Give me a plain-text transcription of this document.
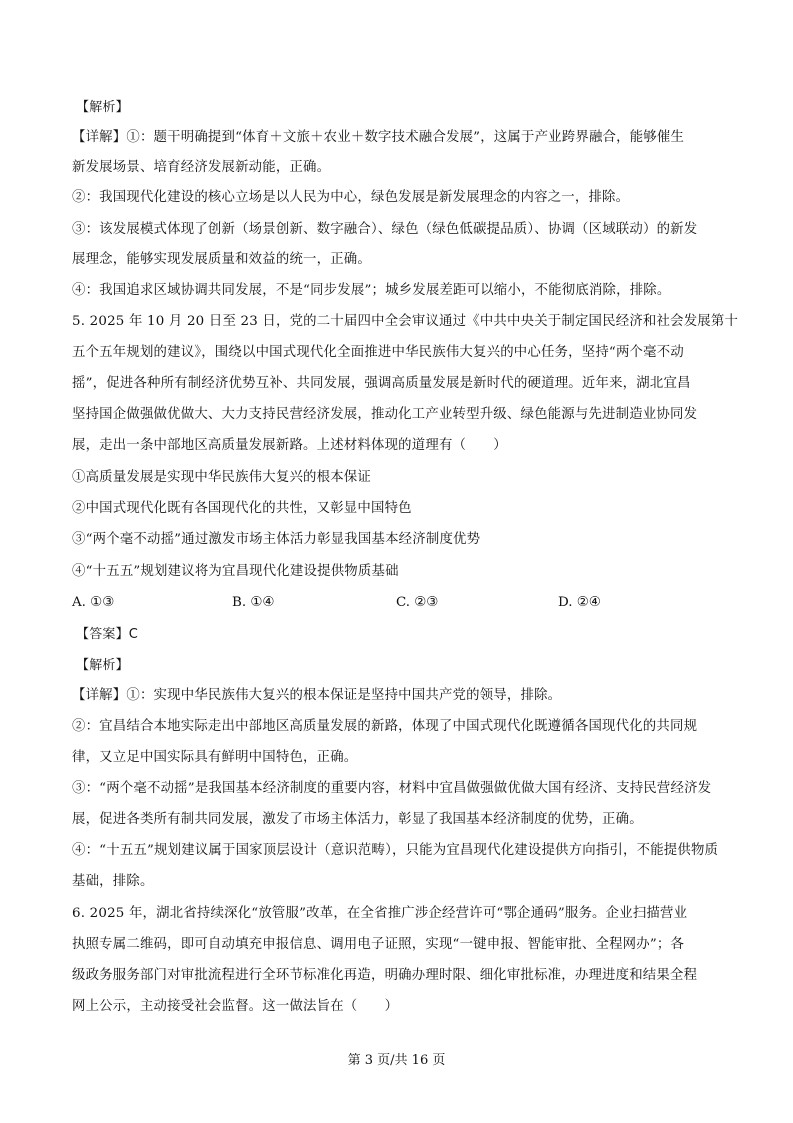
【解析】
【详解】①：题干明确提到“体育＋文旅＋农业＋数字技术融合发展”，这属于产业跨界融合，能够催生
新发展场景、培育经济发展新动能，正确。
②：我国现代化建设的核心立场是以人民为中心，绿色发展是新发展理念的内容之一，排除。
③：该发展模式体现了创新（场景创新、数字融合）、绿色（绿色低碳提品质）、协调（区域联动）的新发
展理念，能够实现发展质量和效益的统一，正确。
④：我国追求区域协调共同发展，不是“同步发展”；城乡发展差距可以缩小，不能彻底消除，排除。
5. 2025 年 10 月 20 日至 23 日，党的二十届四中全会审议通过《中共中央关于制定国民经济和社会发展第十
五个五年规划的建议》，围绕以中国式现代化全面推进中华民族伟大复兴的中心任务，坚持“两个毫不动
摇”，促进各种所有制经济优势互补、共同发展，强调高质量发展是新时代的硬道理。近年来，湖北宜昌
坚持国企做强做优做大、大力支持民营经济发展，推动化工产业转型升级、绿色能源与先进制造业协同发
展，走出一条中部地区高质量发展新路。上述材料体现的道理有（　　）
①高质量发展是实现中华民族伟大复兴的根本保证
②中国式现代化既有各国现代化的共性，又彰显中国特色
③“两个毫不动摇”通过激发市场主体活力彰显我国基本经济制度优势
④“十五五”规划建议将为宜昌现代化建设提供物质基础
A. ①③	B. ①④	C. ②③	D. ②④
【答案】C
【解析】
【详解】①：实现中华民族伟大复兴的根本保证是坚持中国共产党的领导，排除。
②：宜昌结合本地实际走出中部地区高质量发展的新路，体现了中国式现代化既遵循各国现代化的共同规
律，又立足中国实际具有鲜明中国特色，正确。
③：“两个毫不动摇”是我国基本经济制度的重要内容，材料中宜昌做强做优做大国有经济、支持民营经济发
展，促进各类所有制共同发展，激发了市场主体活力，彰显了我国基本经济制度的优势，正确。
④：“十五五”规划建议属于国家顶层设计（意识范畴），只能为宜昌现代化建设提供方向指引，不能提供物质
基础，排除。
6. 2025 年，湖北省持续深化“放管服”改革，在全省推广涉企经营许可“鄂企通码”服务。企业扫描营业
执照专属二维码，即可自动填充申报信息、调用电子证照，实现“一键申报、智能审批、全程网办”；各
级政务服务部门对审批流程进行全环节标准化再造，明确办理时限、细化审批标准，办理进度和结果全程
网上公示，主动接受社会监督。这一做法旨在（　　）
第 3 页/共 16 页
